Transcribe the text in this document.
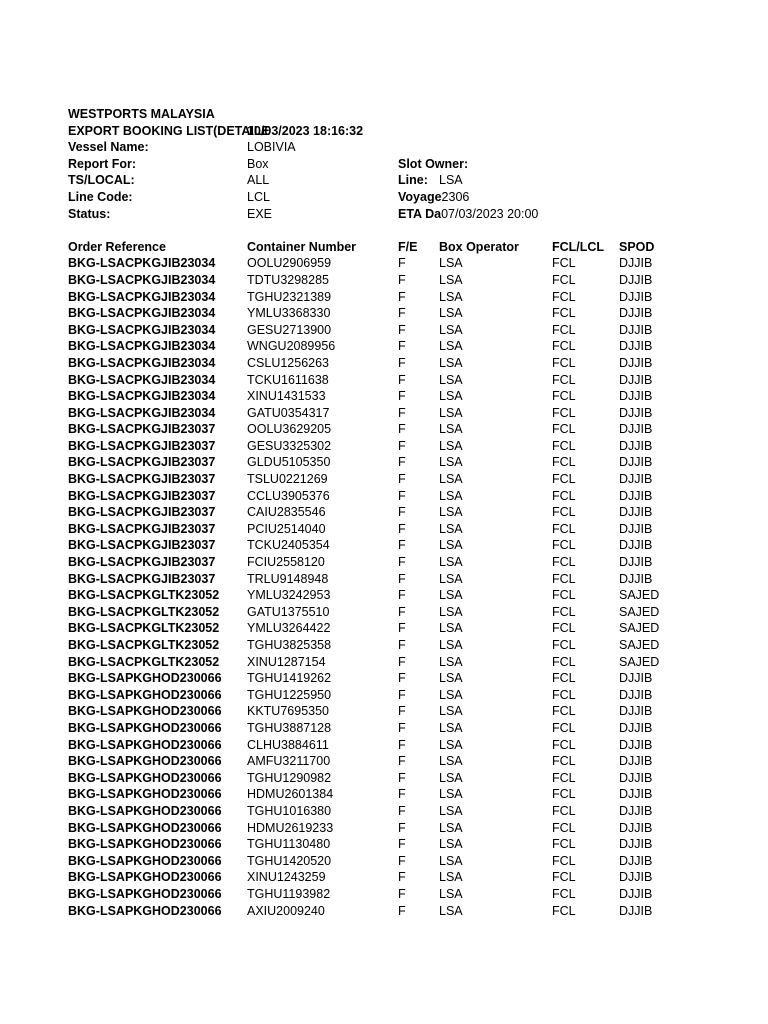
WESTPORTS MALAYSIA
EXPORT BOOKING LIST(DETAILE
10/03/2023 18:16:32
Vessel Name:	LOBIVIA
Report For:	Box	Slot Owner:
TS/LOCAL:	ALL	Line: LSA
Line Code:	LCL	Voyage2306
Status:	EXE	ETA Da07/03/2023 20:00
Order Reference	Container Number	F/E	Box Operator	FCL/LCL	SPOD
BKG-LSACPKGJIB23034	OOLU2906959	F	LSA	FCL	DJJIB
BKG-LSACPKGJIB23034	TDTU3298285	F	LSA	FCL	DJJIB
BKG-LSACPKGJIB23034	TGHU2321389	F	LSA	FCL	DJJIB
BKG-LSACPKGJIB23034	YMLU3368330	F	LSA	FCL	DJJIB
BKG-LSACPKGJIB23034	GESU2713900	F	LSA	FCL	DJJIB
BKG-LSACPKGJIB23034	WNGU2089956	F	LSA	FCL	DJJIB
BKG-LSACPKGJIB23034	CSLU1256263	F	LSA	FCL	DJJIB
BKG-LSACPKGJIB23034	TCKU1611638	F	LSA	FCL	DJJIB
BKG-LSACPKGJIB23034	XINU1431533	F	LSA	FCL	DJJIB
BKG-LSACPKGJIB23034	GATU0354317	F	LSA	FCL	DJJIB
BKG-LSACPKGJIB23037	OOLU3629205	F	LSA	FCL	DJJIB
BKG-LSACPKGJIB23037	GESU3325302	F	LSA	FCL	DJJIB
BKG-LSACPKGJIB23037	GLDU5105350	F	LSA	FCL	DJJIB
BKG-LSACPKGJIB23037	TSLU0221269	F	LSA	FCL	DJJIB
BKG-LSACPKGJIB23037	CCLU3905376	F	LSA	FCL	DJJIB
BKG-LSACPKGJIB23037	CAIU2835546	F	LSA	FCL	DJJIB
BKG-LSACPKGJIB23037	PCIU2514040	F	LSA	FCL	DJJIB
BKG-LSACPKGJIB23037	TCKU2405354	F	LSA	FCL	DJJIB
BKG-LSACPKGJIB23037	FCIU2558120	F	LSA	FCL	DJJIB
BKG-LSACPKGJIB23037	TRLU9148948	F	LSA	FCL	DJJIB
BKG-LSACPKGLTK23052	YMLU3242953	F	LSA	FCL	SAJED
BKG-LSACPKGLTK23052	GATU1375510	F	LSA	FCL	SAJED
BKG-LSACPKGLTK23052	YMLU3264422	F	LSA	FCL	SAJED
BKG-LSACPKGLTK23052	TGHU3825358	F	LSA	FCL	SAJED
BKG-LSACPKGLTK23052	XINU1287154	F	LSA	FCL	SAJED
BKG-LSAPKGHOD230066	TGHU1419262	F	LSA	FCL	DJJIB
BKG-LSAPKGHOD230066	TGHU1225950	F	LSA	FCL	DJJIB
BKG-LSAPKGHOD230066	KKTU7695350	F	LSA	FCL	DJJIB
BKG-LSAPKGHOD230066	TGHU3887128	F	LSA	FCL	DJJIB
BKG-LSAPKGHOD230066	CLHU3884611	F	LSA	FCL	DJJIB
BKG-LSAPKGHOD230066	AMFU3211700	F	LSA	FCL	DJJIB
BKG-LSAPKGHOD230066	TGHU1290982	F	LSA	FCL	DJJIB
BKG-LSAPKGHOD230066	HDMU2601384	F	LSA	FCL	DJJIB
BKG-LSAPKGHOD230066	TGHU1016380	F	LSA	FCL	DJJIB
BKG-LSAPKGHOD230066	HDMU2619233	F	LSA	FCL	DJJIB
BKG-LSAPKGHOD230066	TGHU1130480	F	LSA	FCL	DJJIB
BKG-LSAPKGHOD230066	TGHU1420520	F	LSA	FCL	DJJIB
BKG-LSAPKGHOD230066	XINU1243259	F	LSA	FCL	DJJIB
BKG-LSAPKGHOD230066	TGHU1193982	F	LSA	FCL	DJJIB
BKG-LSAPKGHOD230066	AXIU2009240	F	LSA	FCL	DJJIB
